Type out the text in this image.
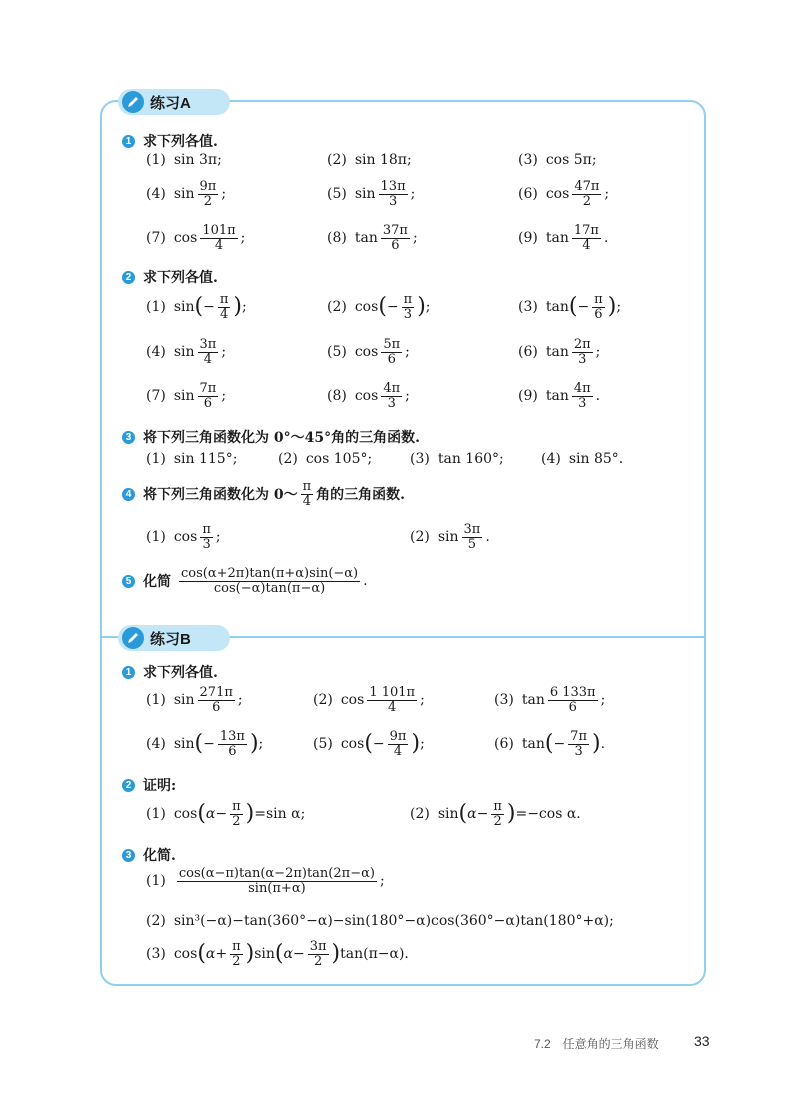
练习A
1 求下列各值.
(1) sin 3π;	(2) sin 18π;	(3) cos 5π;
(4) $\sin \frac{9\pi}{2}$ ;	(5) $\sin \frac{13\pi}{3}$ ;	(6) $\cos \frac{47\pi}{2}$ ;
(7) $\cos \frac{101\pi}{4}$ ;	(8) $\tan \frac{37\pi}{6}$ ;	(9) $\tan \frac{17\pi}{4}$ .
2 求下列各值.
(1) sin ( − $\frac{\pi}{4}$ ) ;	(2) cos ( − $\frac{\pi}{3}$ ) ;	(3) tan ( − $\frac{\pi}{6}$ ) ;
(4) $\sin \frac{3\pi}{4}$ ;	(5) $\cos \frac{5\pi}{6}$ ;	(6) $\tan \frac{2\pi}{3}$ ;
(7) $\sin \frac{7\pi}{6}$ ;	(8) $\cos \frac{4\pi}{3}$ ;	(9) $\tan \frac{4\pi}{3}$ .
3 将下列三角函数化为 0°～45°角的三角函数.
(1) sin 115°;	(2) cos 105°;	(3) tan 160°;	(4) sin 85°.
4 将下列三角函数化为 0～ $\frac{\pi}{4}$ 角的三角函数.
(1) $\cos \frac{\pi}{3}$ ;	(2) $\sin \frac{3\pi}{5}$ .
5 化简 $\frac{\cos(\alpha+2\pi)\tan(\pi+\alpha)\sin(-\alpha)}{\cos(-\alpha)\tan(\pi-\alpha)}$ .
练习B
1 求下列各值.
(1) $\sin \frac{271\pi}{6}$ ;	(2) $\cos \frac{1 101\pi}{4}$ ;	(3) $\tan \frac{6 133\pi}{6}$ ;
(4) sin ( − $\frac{13\pi}{6}$ ) ;	(5) cos ( − $\frac{9\pi}{4}$ ) ;	(6) tan ( − $\frac{7\pi}{3}$ ) .
2 证明:
(1) cos ( $\alpha - \frac{\pi}{2}$ ) =sin α;	(2) sin ( $\alpha - \frac{\pi}{2}$ ) =−cos α.
3 化简.
$(1) \frac{\cos(\alpha-\pi)\tan(\alpha-2\pi)\tan(2\pi-\alpha)}{\sin(\pi+\alpha)}$ ;
(2) sin³(−α)−tan(360°−α)−sin(180°−α)cos(360°−α)tan(180°+α);
(3) cos ( $\alpha+ \frac{\pi}{2}$ ) sin ( $\alpha- \frac{3\pi}{2}$ ) tan(π−α).
7.2　任意角的三角函数	33
